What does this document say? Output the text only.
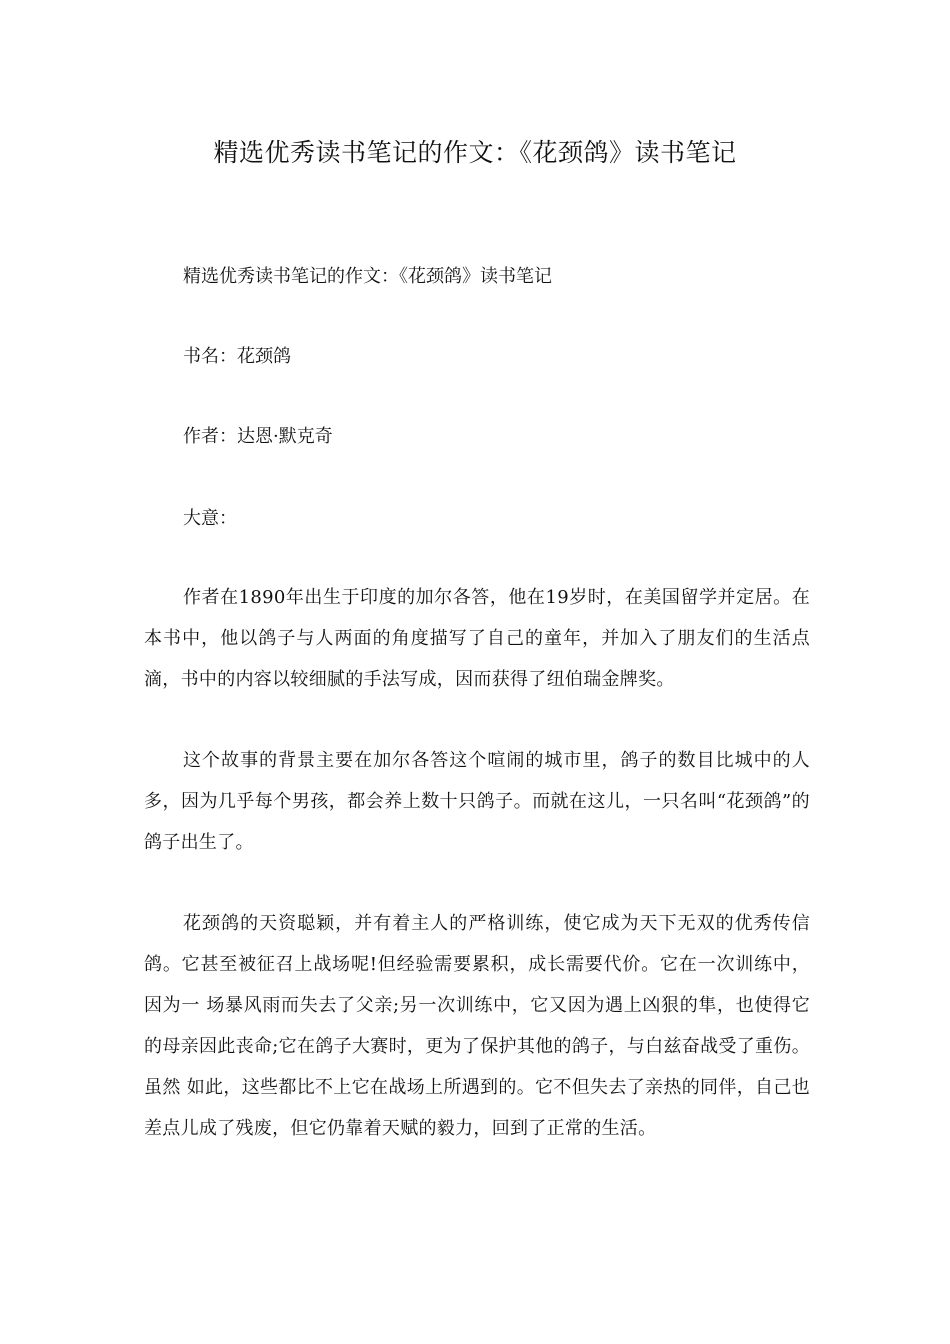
精选优秀读书笔记的作文：《花颈鸽》读书笔记

精选优秀读书笔记的作文：《花颈鸽》读书笔记

书名：花颈鸽

作者：达恩·默克奇

大意：

作者在1890年出生于印度的加尔各答，他在19岁时，在美国留学并定居。在本书中，他以鸽子与人两面的角度描写了自己的童年，并加入了朋友们的生活点滴，书中的内容以较细腻的手法写成，因而获得了纽伯瑞金牌奖。

这个故事的背景主要在加尔各答这个喧闹的城市里，鸽子的数目比城中的人多，因为几乎每个男孩，都会养上数十只鸽子。而就在这儿，一只名叫“花颈鸽”的鸽子出生了。

花颈鸽的天资聪颖，并有着主人的严格训练，使它成为天下无双的优秀传信鸽。它甚至被征召上战场呢!但经验需要累积，成长需要代价。它在一次训练中，因为一 场暴风雨而失去了父亲;另一次训练中，它又因为遇上凶狠的隼，也使得它的母亲因此丧命;它在鸽子大赛时，更为了保护其他的鸽子，与白兹奋战受了重伤。虽然 如此，这些都比不上它在战场上所遇到的。它不但失去了亲热的同伴，自己也差点儿成了残废，但它仍靠着天赋的毅力，回到了正常的生活。
